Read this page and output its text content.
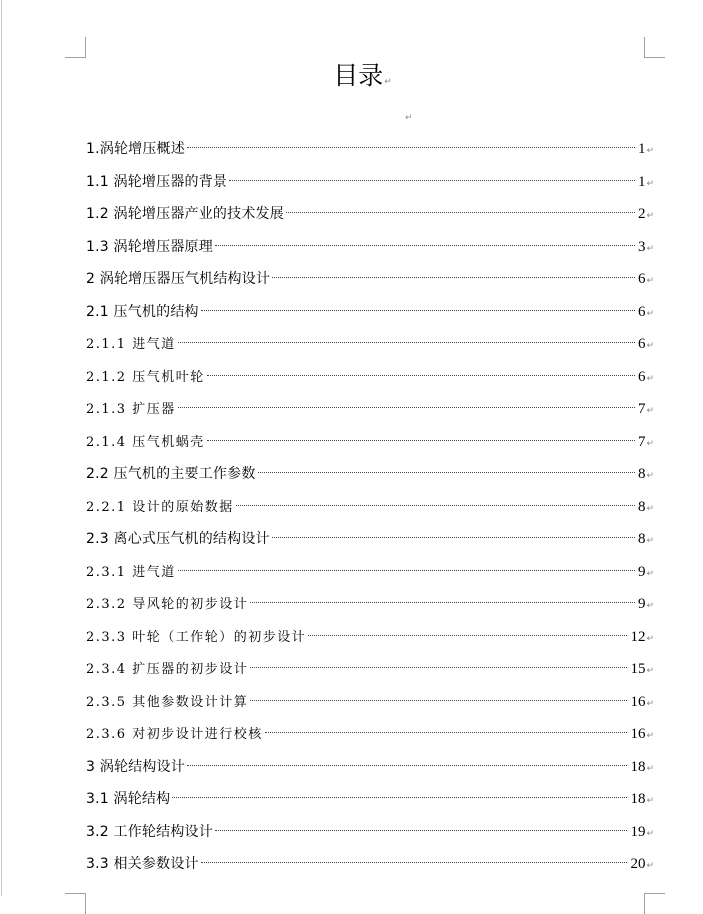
目录↵
↵
1.涡轮增压概述	1 ↵
1.1 涡轮增压器的背景	1 ↵
1.2 涡轮增压器产业的技术发展	2 ↵
1.3 涡轮增压器原理	3 ↵
2 涡轮增压器压气机结构设计	6 ↵
2.1 压气机的结构	6 ↵
2.1.1 进气道	6 ↵
2.1.2 压气机叶轮	6 ↵
2.1.3 扩压器	7 ↵
2.1.4 压气机蜗壳	7 ↵
2.2 压气机的主要工作参数	8 ↵
2.2.1 设计的原始数据	8 ↵
2.3 离心式压气机的结构设计	8 ↵
2.3.1 进气道	9 ↵
2.3.2 导风轮的初步设计	9 ↵
2.3.3 叶轮（工作轮）的初步设计	12 ↵
2.3.4 扩压器的初步设计	15 ↵
2.3.5 其他参数设计计算	16 ↵
2.3.6 对初步设计进行校核	16 ↵
3 涡轮结构设计	18 ↵
3.1 涡轮结构	18 ↵
3.2 工作轮结构设计	19 ↵
3.3 相关参数设计	20 ↵
